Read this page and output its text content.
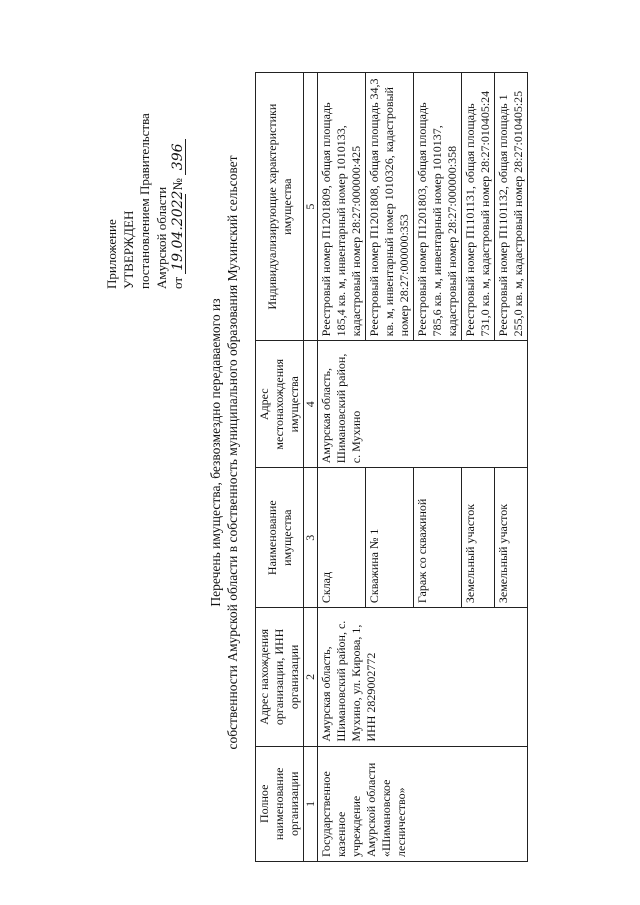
Приложение УТВЕРЖДЕН постановлением Правительства Амурской области от 19.04.2022 № 396
Перечень имущества, безвозмездно передаваемого из собственности Амурской области в собственность муниципального образования Мухинский сельсовет
Полное наименование организации	Адрес нахождения организации, ИНН организации	Наименование имущества	Адрес местонахождения имущества	Индивидуализирующие характеристики имущества
1	2	3	4	5
Государственное казенное учреждение Амурской области «Шимановское лесничество»	Амурская область, Шимановский район, с. Мухино, ул. Кирова, 1, ИНН 2829002772	Склад	Амурская область, Шимановский район, с. Мухино	Реестровый номер П1201809, общая площадь 185,4 кв. м, инвентарный номер 1010133, кадастровый номер 28:27:000000:425
		Скважина № 1		Реестровый номер П1201808, общая площадь 34,3 кв. м, инвентарный номер 1010326, кадастровый номер 28:27:000000:353
		Гараж со скважиной		Реестровый номер П1201803, общая площадь 785,6 кв. м, инвентарный номер 1010137, кадастровый номер 28:27:000000:358
		Земельный участок		Реестровый номер П1101131, общая площадь 731,0 кв. м, кадастровый номер 28:27:010405:24
		Земельный участок		Реестровый номер П1101132, общая площадь 1 255,0 кв. м, кадастровый номер 28:27:010405:25
